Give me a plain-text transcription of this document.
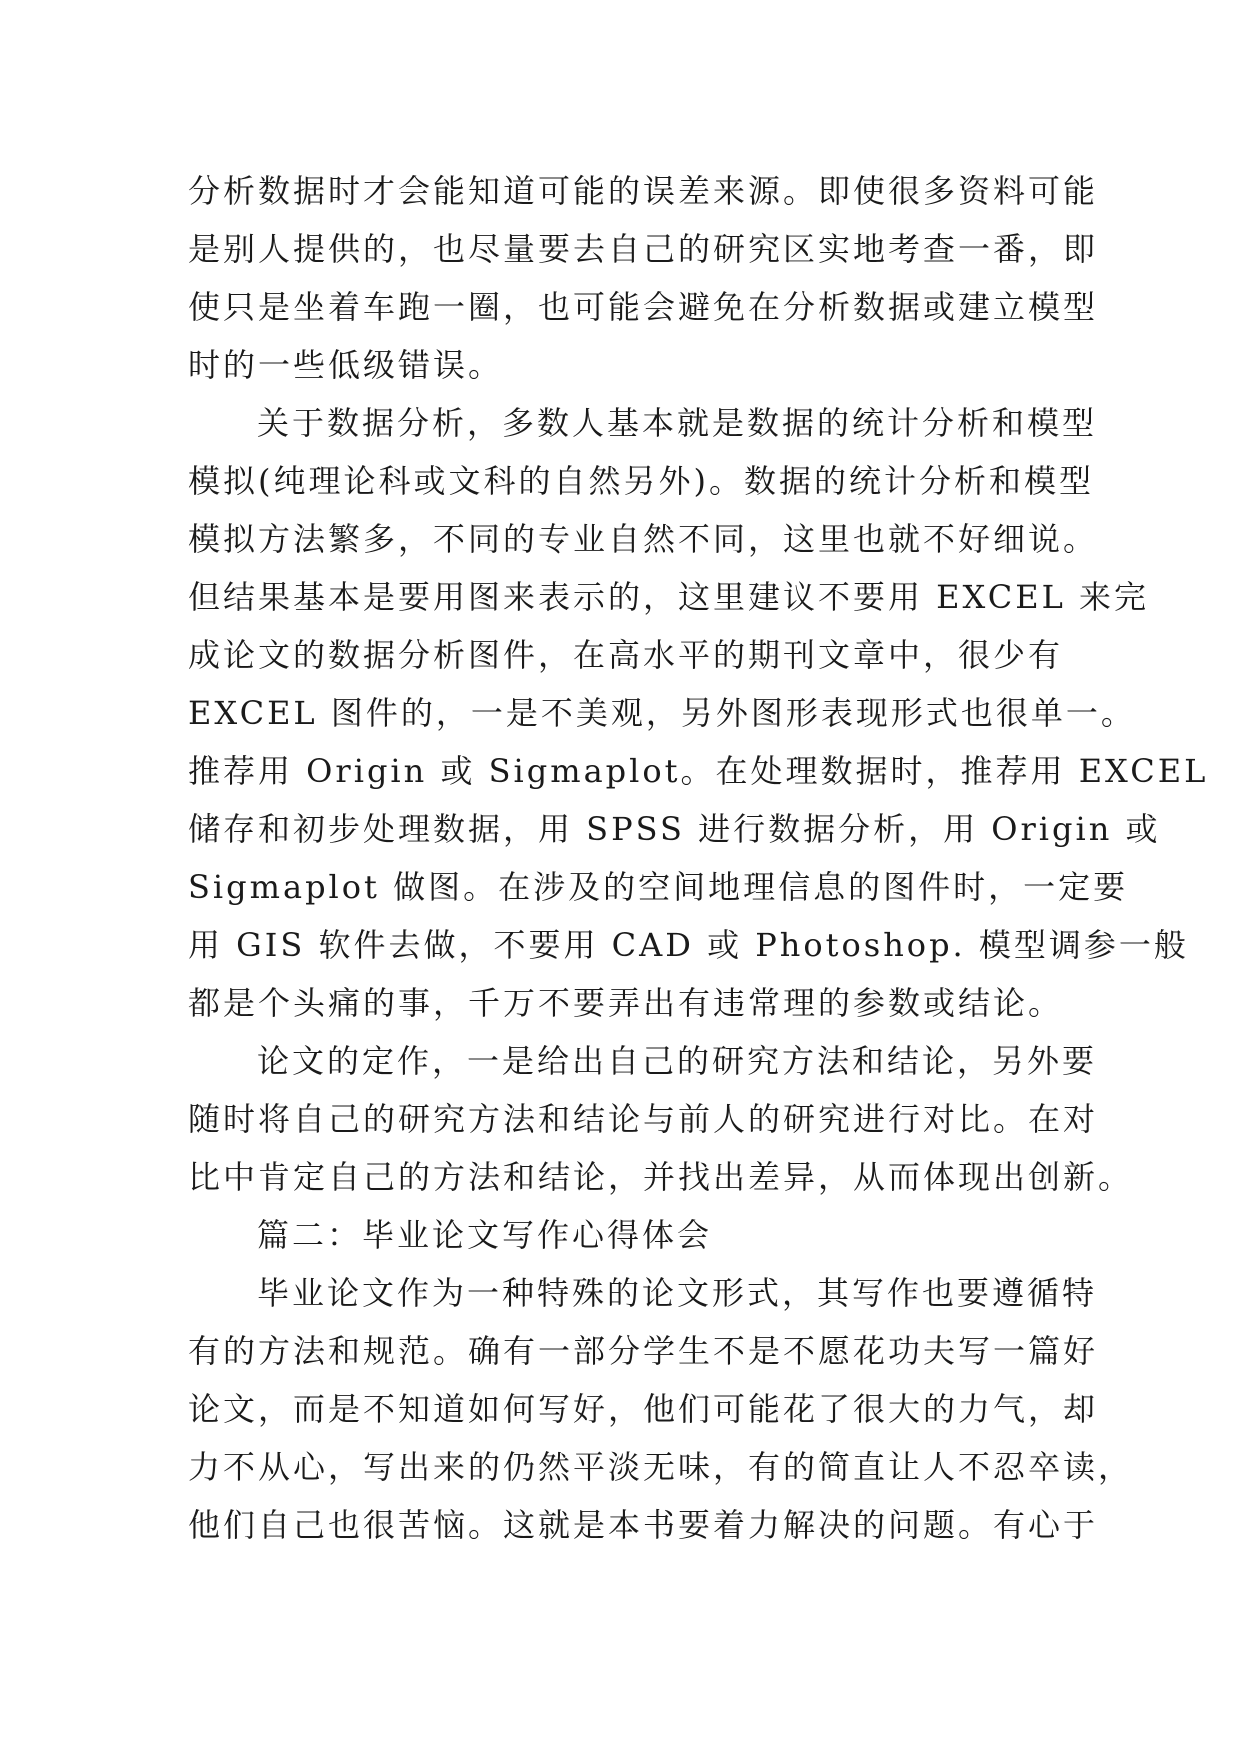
分析数据时才会能知道可能的误差来源。即使很多资料可能
是别人提供的，也尽量要去自己的研究区实地考查一番，即
使只是坐着车跑一圈，也可能会避免在分析数据或建立模型
时的一些低级错误。
关于数据分析，多数人基本就是数据的统计分析和模型
模拟(纯理论科或文科的自然另外)。数据的统计分析和模型
模拟方法繁多，不同的专业自然不同，这里也就不好细说。
但结果基本是要用图来表示的，这里建议不要用 EXCEL 来完
成论文的数据分析图件，在高水平的期刊文章中，很少有
EXCEL 图件的，一是不美观，另外图形表现形式也很单一。
推荐用 Origin 或 Sigmaplot。在处理数据时，推荐用 EXCEL
储存和初步处理数据，用 SPSS 进行数据分析，用 Origin 或
Sigmaplot 做图。在涉及的空间地理信息的图件时，一定要
用 GIS 软件去做，不要用 CAD 或 Photoshop. 模型调参一般
都是个头痛的事，千万不要弄出有违常理的参数或结论。
论文的定作，一是给出自己的研究方法和结论，另外要
随时将自己的研究方法和结论与前人的研究进行对比。在对
比中肯定自己的方法和结论，并找出差异，从而体现出创新。
篇二：毕业论文写作心得体会
毕业论文作为一种特殊的论文形式，其写作也要遵循特
有的方法和规范。确有一部分学生不是不愿花功夫写一篇好
论文，而是不知道如何写好，他们可能花了很大的力气，却
力不从心，写出来的仍然平淡无味，有的简直让人不忍卒读，
他们自己也很苦恼。这就是本书要着力解决的问题。有心于
